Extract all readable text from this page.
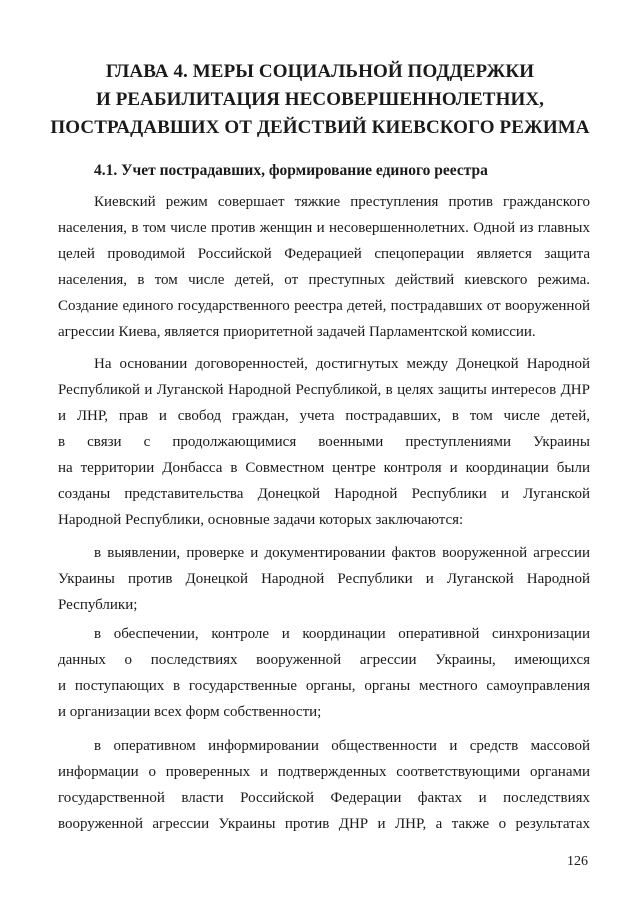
ГЛАВА 4. МЕРЫ СОЦИАЛЬНОЙ ПОДДЕРЖКИ
И РЕАБИЛИТАЦИЯ НЕСОВЕРШЕННОЛЕТНИХ,
ПОСТРАДАВШИХ ОТ ДЕЙСТВИЙ КИЕВСКОГО РЕЖИМА
4.1. Учет пострадавших, формирование единого реестра
Киевский режим совершает тяжкие преступления против гражданского
населения, в том числе против женщин и несовершеннолетних. Одной из главных
целей проводимой Российской Федерацией спецоперации является защита
населения, в том числе детей, от преступных действий киевского режима.
Создание единого государственного реестра детей, пострадавших от вооруженной
агрессии Киева, является приоритетной задачей Парламентской комиссии.
На основании договоренностей, достигнутых между Донецкой Народной
Республикой и Луганской Народной Республикой, в целях защиты интересов ДНР
и ЛНР, прав и свобод граждан, учета пострадавших, в том числе детей,
в связи с продолжающимися военными преступлениями Украины
на территории Донбасса в Совместном центре контроля и координации были
созданы представительства Донецкой Народной Республики и Луганской
Народной Республики, основные задачи которых заключаются:
в выявлении, проверке и документировании фактов вооруженной агрессии
Украины против Донецкой Народной Республики и Луганской Народной
Республики;
в обеспечении, контроле и координации оперативной синхронизации
данных о последствиях вооруженной агрессии Украины, имеющихся
и поступающих в государственные органы, органы местного самоуправления
и организации всех форм собственности;
в оперативном информировании общественности и средств массовой
информации о проверенных и подтвержденных соответствующими органами
государственной власти Российской Федерации фактах и последствиях
вооруженной агрессии Украины против ДНР и ЛНР, а также о результатах
126
